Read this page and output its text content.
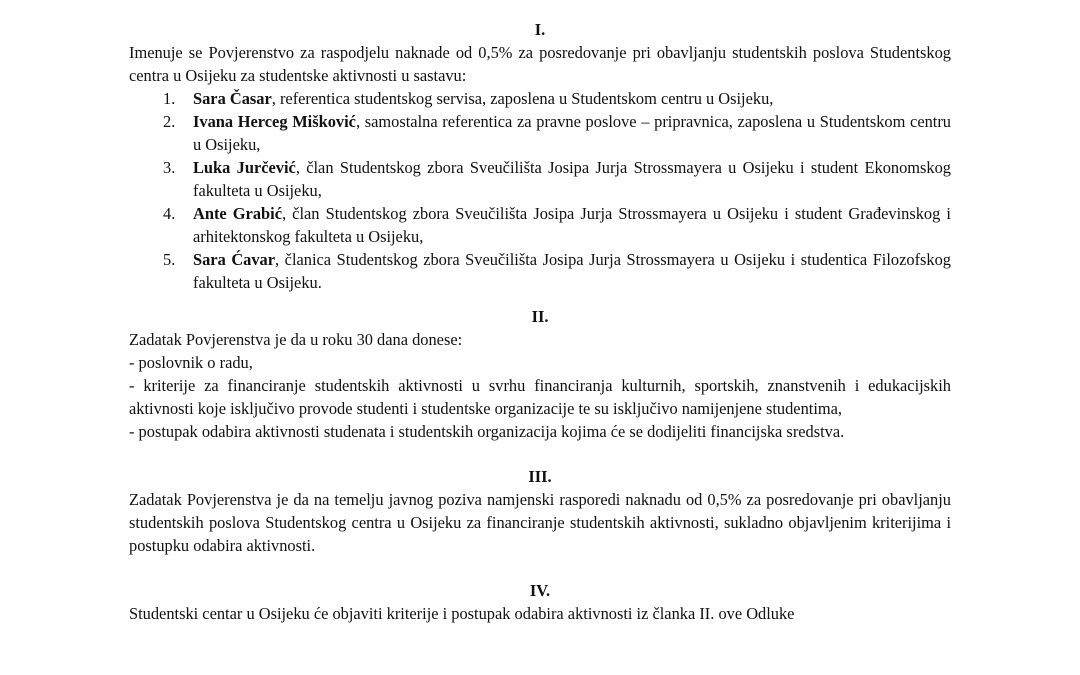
I.

Imenuje se Povjerenstvo za raspodjelu naknade od 0,5% za posredovanje pri obavljanju studentskih poslova Studentskog centra u Osijeku za studentske aktivnosti u sastavu:

1. Sara Časar, referentica studentskog servisa, zaposlena u Studentskom centru u Osijeku,
2. Ivana Herceg Mišković, samostalna referentica za pravne poslove – pripravnica, zaposlena u Studentskom centru u Osijeku,
3. Luka Jurčević, član Studentskog zbora Sveučilišta Josipa Jurja Strossmayera u Osijeku i student Ekonomskog fakulteta u Osijeku,
4. Ante Grabić, član Studentskog zbora Sveučilišta Josipa Jurja Strossmayera u Osijeku i student Građevinskog i arhitektonskog fakulteta u Osijeku,
5. Sara Ćavar, članica Studentskog zbora Sveučilišta Josipa Jurja Strossmayera u Osijeku i studentica Filozofskog fakulteta u Osijeku.

II.

Zadatak Povjerenstva je da u roku 30 dana donese:

- poslovnik o radu,

- kriterije za financiranje studentskih aktivnosti u svrhu financiranja kulturnih, sportskih, znanstvenih i edukacijskih aktivnosti koje isključivo provode studenti i studentske organizacije te su isključivo namijenjene studentima,

- postupak odabira aktivnosti studenata i studentskih organizacija kojima će se dodijeliti financijska sredstva.

III.

Zadatak Povjerenstva je da na temelju javnog poziva namjenski rasporedi naknadu od 0,5% za posredovanje pri obavljanju studentskih poslova Studentskog centra u Osijeku za financiranje studentskih aktivnosti, sukladno objavljenim kriterijima i postupku odabira aktivnosti.

IV.

Studentski centar u Osijeku će objaviti kriterije i postupak odabira aktivnosti iz članka II. ove Odluke
